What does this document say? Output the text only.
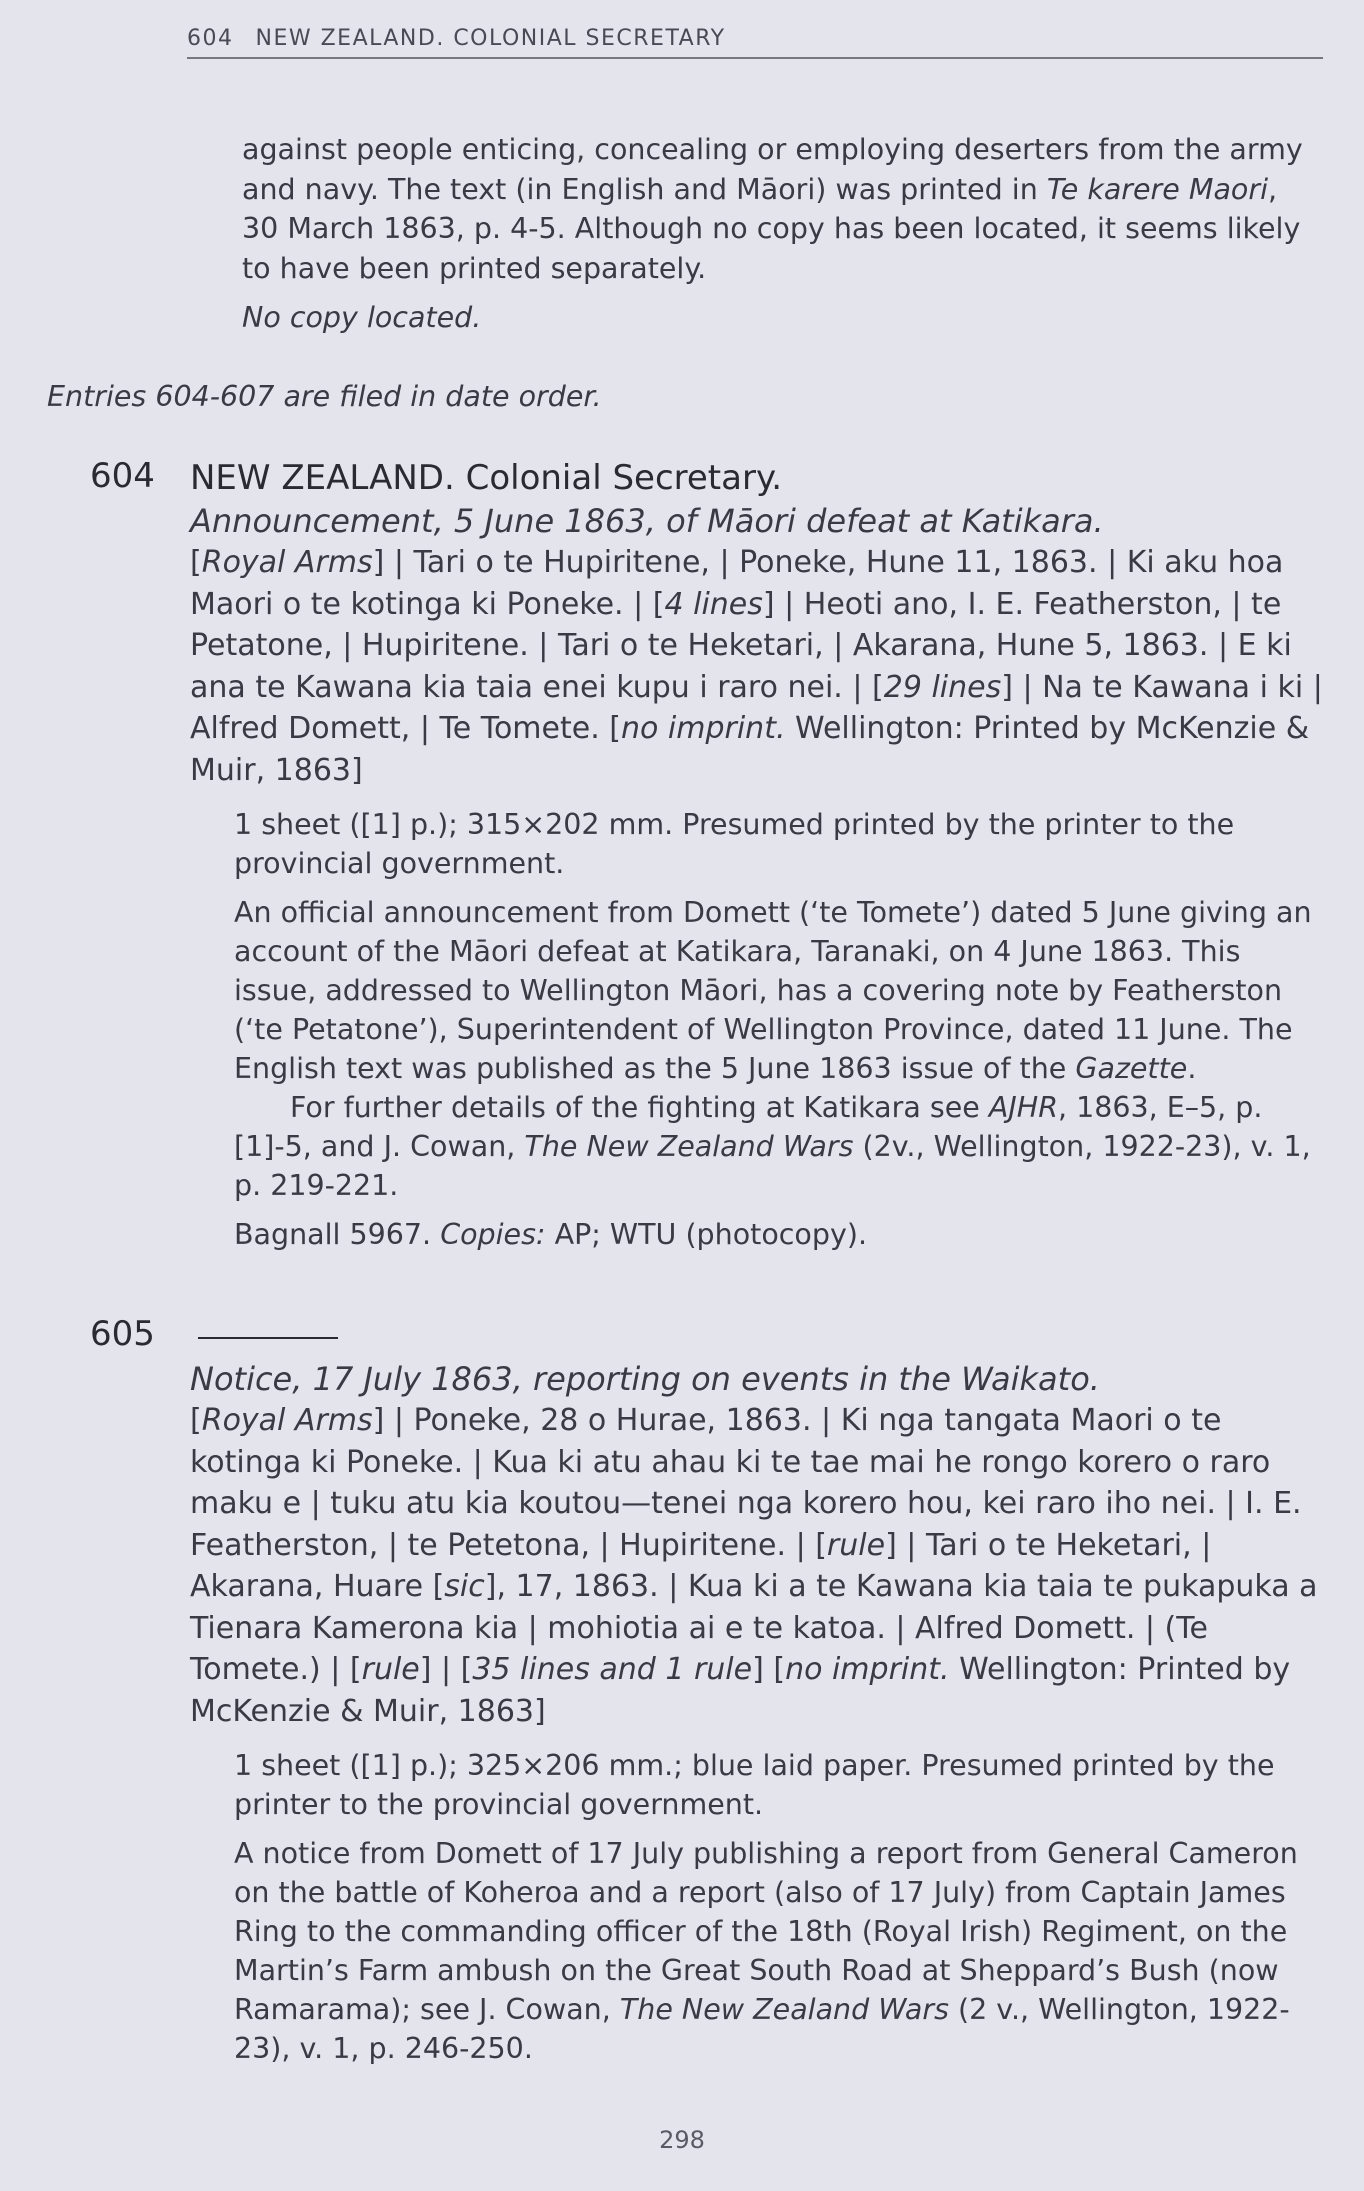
604 NEW ZEALAND. COLONIAL SECRETARY

against people enticing, concealing or employing deserters from the army and navy. The text (in English and Māori) was printed in Te karere Maori, 30 March 1863, p. 4-5. Although no copy has been located, it seems likely to have been printed separately.

No copy located.

Entries 604-607 are filed in date order.
604 NEW ZEALAND. Colonial Secretary.
Announcement, 5 June 1863, of Māori defeat at Katikara.
[Royal Arms] | Tari o te Hupiritene, | Poneke, Hune 11, 1863. | Ki aku hoa Maori o te kotinga ki Poneke. | [4 lines] | Heoti ano, I. E. Featherston, | te Petatone, | Hupiritene. | Tari o te Heketari, | Akarana, Hune 5, 1863. | E ki ana te Kawana kia taia enei kupu i raro nei. | [29 lines] | Na te Kawana i ki | Alfred Domett, | Te Tomete. [no imprint. Wellington: Printed by McKenzie & Muir, 1863]

1 sheet ([1] p.); 315×202 mm. Presumed printed by the printer to the provincial government.

An official announcement from Domett (‘te Tomete’) dated 5 June giving an account of the Māori defeat at Katikara, Taranaki, on 4 June 1863. This issue, addressed to Wellington Māori, has a covering note by Featherston (‘te Petatone’), Superintendent of Wellington Province, dated 11 June. The English text was published as the 5 June 1863 issue of the Gazette.

For further details of the fighting at Katikara see AJHR, 1863, E–5, p. [1]-5, and J. Cowan, The New Zealand Wars (2v., Wellington, 1922-23), v. 1, p. 219-221.

Bagnall 5967. Copies: AP; WTU (photocopy).

605
Notice, 17 July 1863, reporting on events in the Waikato.
[Royal Arms] | Poneke, 28 o Hurae, 1863. | Ki nga tangata Maori o te kotinga ki Poneke. | Kua ki atu ahau ki te tae mai he rongo korero o raro maku e | tuku atu kia koutou—tenei nga korero hou, kei raro iho nei. | I. E. Featherston, | te Petetona, | Hupiritene. | [rule] | Tari o te Heketari, | Akarana, Huare [sic], 17, 1863. | Kua ki a te Kawana kia taia te pukapuka a Tienara Kamerona kia | mohiotia ai e te katoa. | Alfred Domett. | (Te Tomete.) | [rule] | [35 lines and 1 rule] [no imprint. Wellington: Printed by McKenzie & Muir, 1863]

1 sheet ([1] p.); 325×206 mm.; blue laid paper. Presumed printed by the printer to the provincial government.

A notice from Domett of 17 July publishing a report from General Cameron on the battle of Koheroa and a report (also of 17 July) from Captain James Ring to the commanding officer of the 18th (Royal Irish) Regiment, on the Martin’s Farm ambush on the Great South Road at Sheppard’s Bush (now Ramarama); see J. Cowan, The New Zealand Wars (2 v., Wellington, 1922-23), v. 1, p. 246-250.

298
